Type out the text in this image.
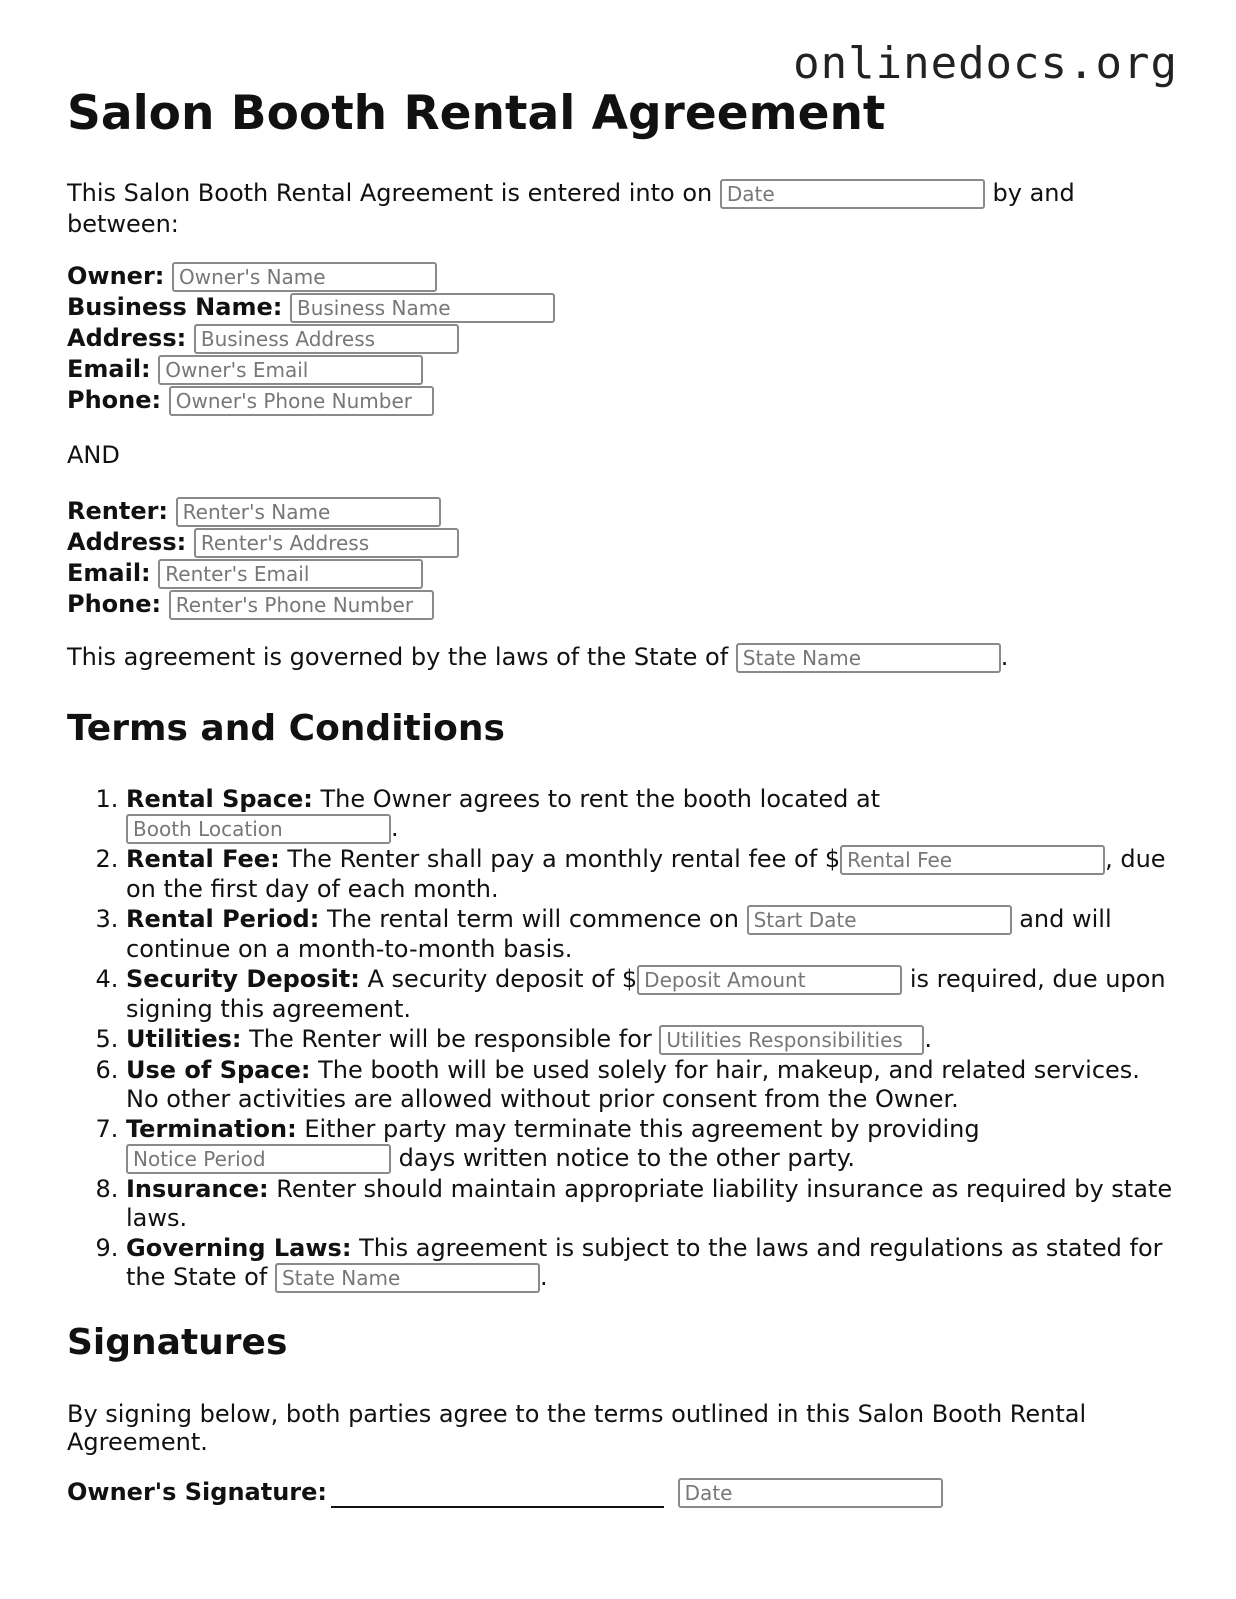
onlinedocs.org
Salon Booth Rental Agreement

This Salon Booth Rental Agreement is entered into on Date	by and between:

Owner: Owner's Name
Business Name: Business Name
Address: Business Address
Email: Owner's Email
Phone: Owner's Phone Number

AND

Renter: Renter's Name
Address: Renter's Address
Email: Renter's Email
Phone: Renter's Phone Number

This agreement is governed by the laws of the State of State Name	.

Terms and Conditions
1. Rental Space: The Owner agrees to rent the booth located at
Booth Location	.
2. Rental Fee: The Renter shall pay a monthly rental fee of $ Rental Fee	, due on the first day of each month.
3. Rental Period: The rental term will commence on Start Date	and will continue on a month-to-month basis.
4. Security Deposit: A security deposit of $ Deposit Amount	is required, due upon signing this agreement.
5. Utilities: The Renter will be responsible for Utilities Responsibilities .
6. Use of Space: The booth will be used solely for hair, makeup, and related services. No other activities are allowed without prior consent from the Owner.
7. Termination: Either party may terminate this agreement by providing
Notice Period	days written notice to the other party.
8. Insurance: Renter should maintain appropriate liability insurance as required by state laws.
9. Governing Laws: This agreement is subject to the laws and regulations as stated for the State of State Name	.
Signatures

By signing below, both parties agree to the terms outlined in this Salon Booth Rental Agreement.

Owner's Signature:	Date
